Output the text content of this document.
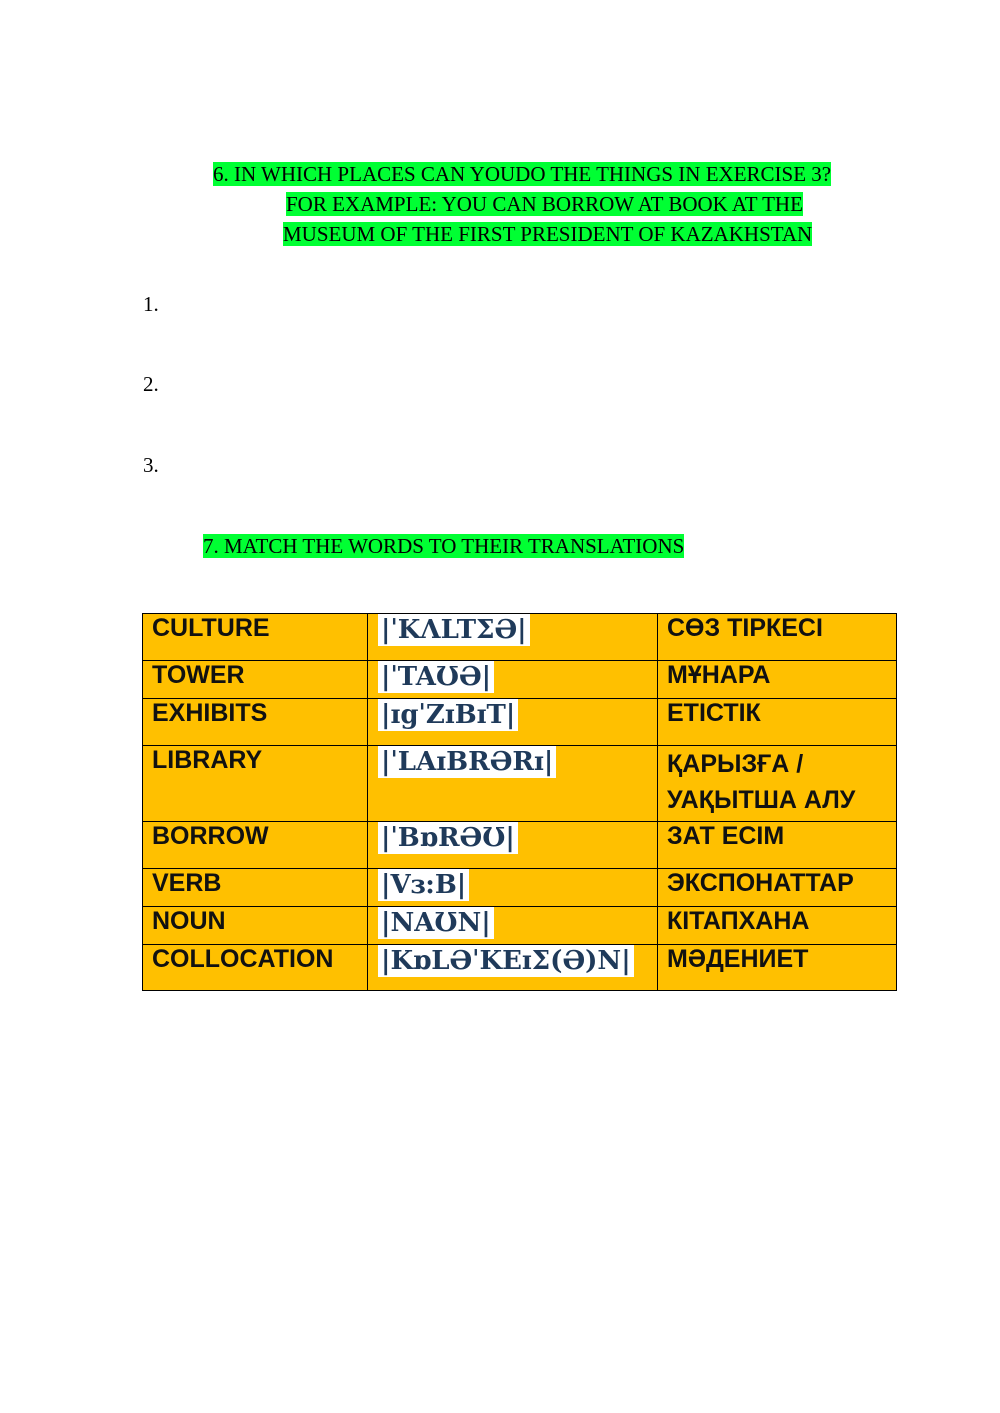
6. IN WHICH PLACES CAN YOUDO THE THINGS IN EXERCISE 3?
FOR EXAMPLE: YOU CAN BORROW AT BOOK AT THE
MUSEUM OF THE FIRST PRESIDENT OF KAZAKHSTAN
1.
2.
3.
7. MATCH THE WORDS TO THEIR TRANSLATIONS
CULTURE	|ˈKΛLTΣƏ|	СӨЗ ТІРКЕСІ
TOWER	|ˈTAƱƏ|	МҰНАРА
EXHIBITS	|ɪgˈZɪBɪT|	ЕТІСТІК
LIBRARY	|ˈLAɪBRƏRɪ|	ҚАРЫЗҒА / УАҚЫТША АЛУ
BORROW	|ˈBɒRƏƱ|	ЗАТ ЕСІМ
VERB	|Vɜ:B|	ЭКСПОНАТТАР
NOUN	|NAƱN|	КІТАПХАНА
COLLOCATION	|KɒLƏˈKEɪΣ(Ə)N|	МӘДЕНИЕТ
